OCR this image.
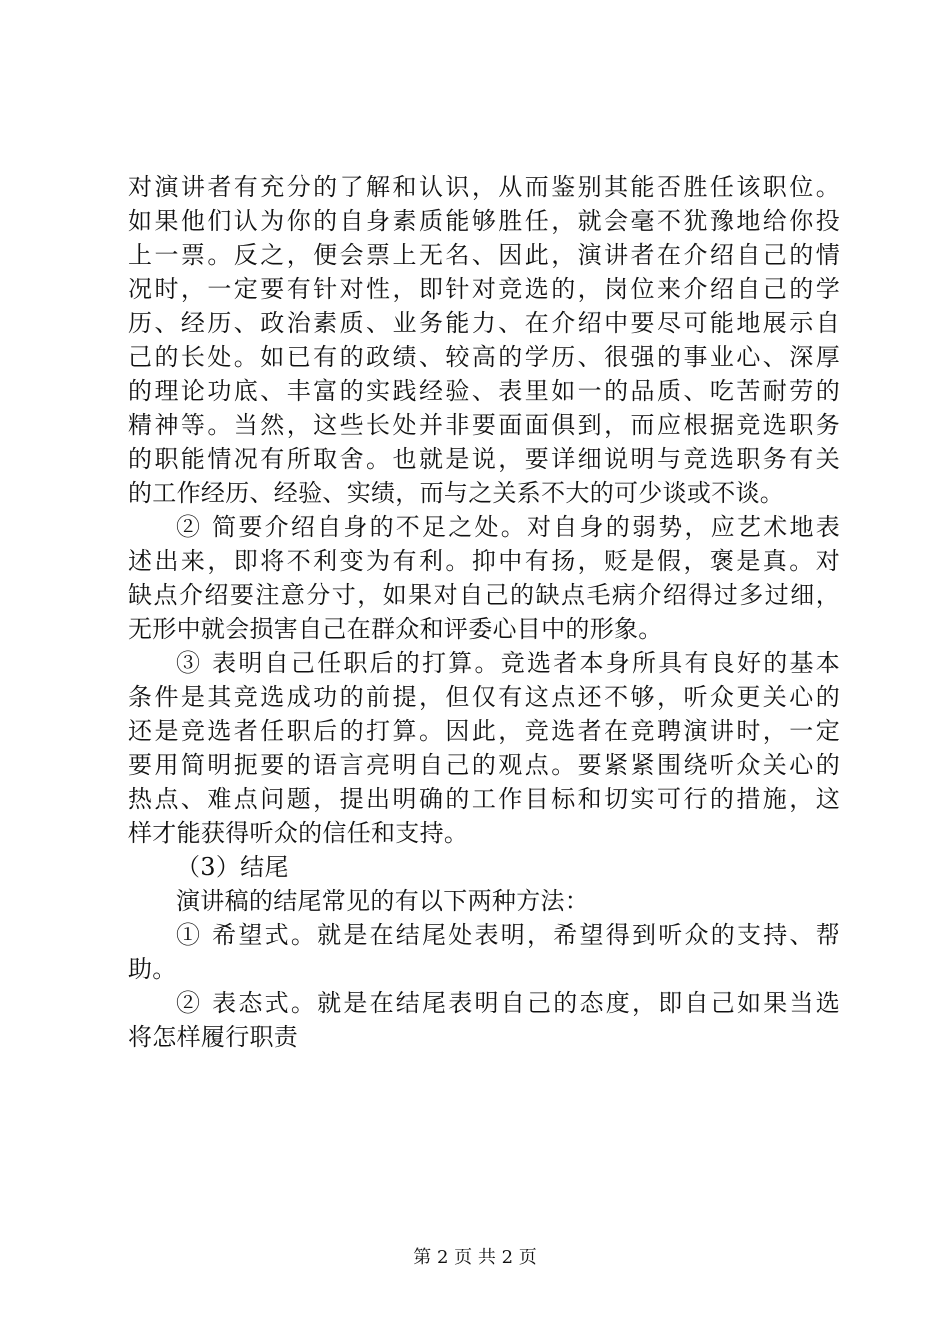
对演讲者有充分的了解和认识，从而鉴别其能否胜任该职位。
如果他们认为你的自身素质能够胜任，就会毫不犹豫地给你投
上一票。反之，便会票上无名、因此，演讲者在介绍自己的情
况时，一定要有针对性，即针对竞选的，岗位来介绍自己的学
历、经历、政治素质、业务能力、在介绍中要尽可能地展示自
己的长处。如已有的政绩、较高的学历、很强的事业心、深厚
的理论功底、丰富的实践经验、表里如一的品质、吃苦耐劳的
精神等。当然，这些长处并非要面面俱到，而应根据竞选职务
的职能情况有所取舍。也就是说，要详细说明与竞选职务有关
的工作经历、经验、实绩，而与之关系不大的可少谈或不谈。
② 简要介绍自身的不足之处。对自身的弱势，应艺术地表
述出来，即将不利变为有利。抑中有扬，贬是假，褒是真。对
缺点介绍要注意分寸，如果对自己的缺点毛病介绍得过多过细，
无形中就会损害自己在群众和评委心目中的形象。
③ 表明自己任职后的打算。竞选者本身所具有良好的基本
条件是其竞选成功的前提，但仅有这点还不够，听众更关心的
还是竞选者任职后的打算。因此，竞选者在竞聘演讲时，一定
要用简明扼要的语言亮明自己的观点。要紧紧围绕听众关心的
热点、难点问题，提出明确的工作目标和切实可行的措施，这
样才能获得听众的信任和支持。
（3）结尾
演讲稿的结尾常见的有以下两种方法：
① 希望式。就是在结尾处表明，希望得到听众的支持、帮
助。
② 表态式。就是在结尾表明自己的态度，即自己如果当选
将怎样履行职责
第 2 页 共 2 页
